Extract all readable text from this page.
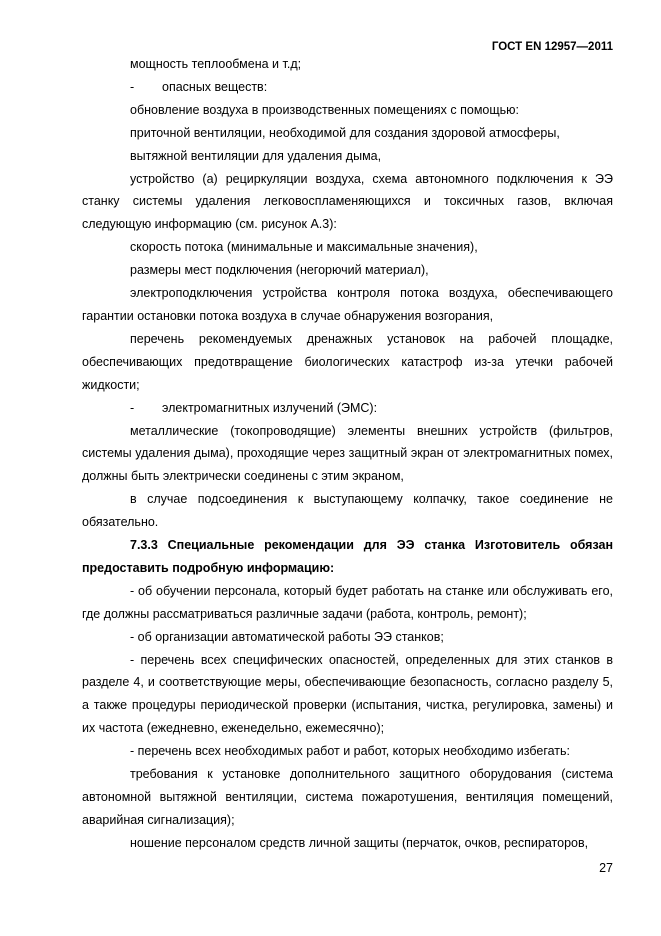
ГОСТ EN 12957—2011

мощность теплообмена и т.д;

- опасных веществ:

обновление воздуха в производственных помещениях с помощью:

приточной вентиляции, необходимой для создания здоровой атмосферы,

вытяжной вентиляции для удаления дыма,

устройство (а) рециркуляции воздуха, схема автономного подключения к ЭЭ станку системы удаления легковоспламеняющихся и токсичных газов, включая следующую информацию (см. рисунок А.3):

скорость потока (минимальные и максимальные значения),

размеры мест подключения (негорючий материал),

электроподключения устройства контроля потока воздуха, обеспечивающего гарантии остановки потока воздуха в случае обнаружения возгорания,

перечень рекомендуемых дренажных установок на рабочей площадке, обеспечивающих предотвращение биологических катастроф из-за утечки рабочей жидкости;

- электромагнитных излучений (ЭМС):

металлические (токопроводящие) элементы внешних устройств (фильтров, системы удаления дыма), проходящие через защитный экран от электромагнитных помех, должны быть электрически соединены с этим экраном,

в случае подсоединения к выступающему колпачку, такое соединение не обязательно.

7.3.3 Специальные рекомендации для ЭЭ станка Изготовитель обязан предоставить подробную информацию:

- об обучении персонала, который будет работать на станке или обслуживать его, где должны рассматриваться различные задачи (работа, контроль, ремонт);

- об организации автоматической работы ЭЭ станков;

- перечень всех специфических опасностей, определенных для этих станков в разделе 4, и соответствующие меры, обеспечивающие безопасность, согласно разделу 5, а также процедуры периодической проверки (испытания, чистка, регулировка, замены) и их частота (ежедневно, еженедельно, ежемесячно);

- перечень всех необходимых работ и работ, которых необходимо избегать:

требования к установке дополнительного защитного оборудования (система автономной вытяжной вентиляции, система пожаротушения, вентиляция помещений, аварийная сигнализация);

ношение персоналом средств личной защиты (перчаток, очков, респираторов,

27
